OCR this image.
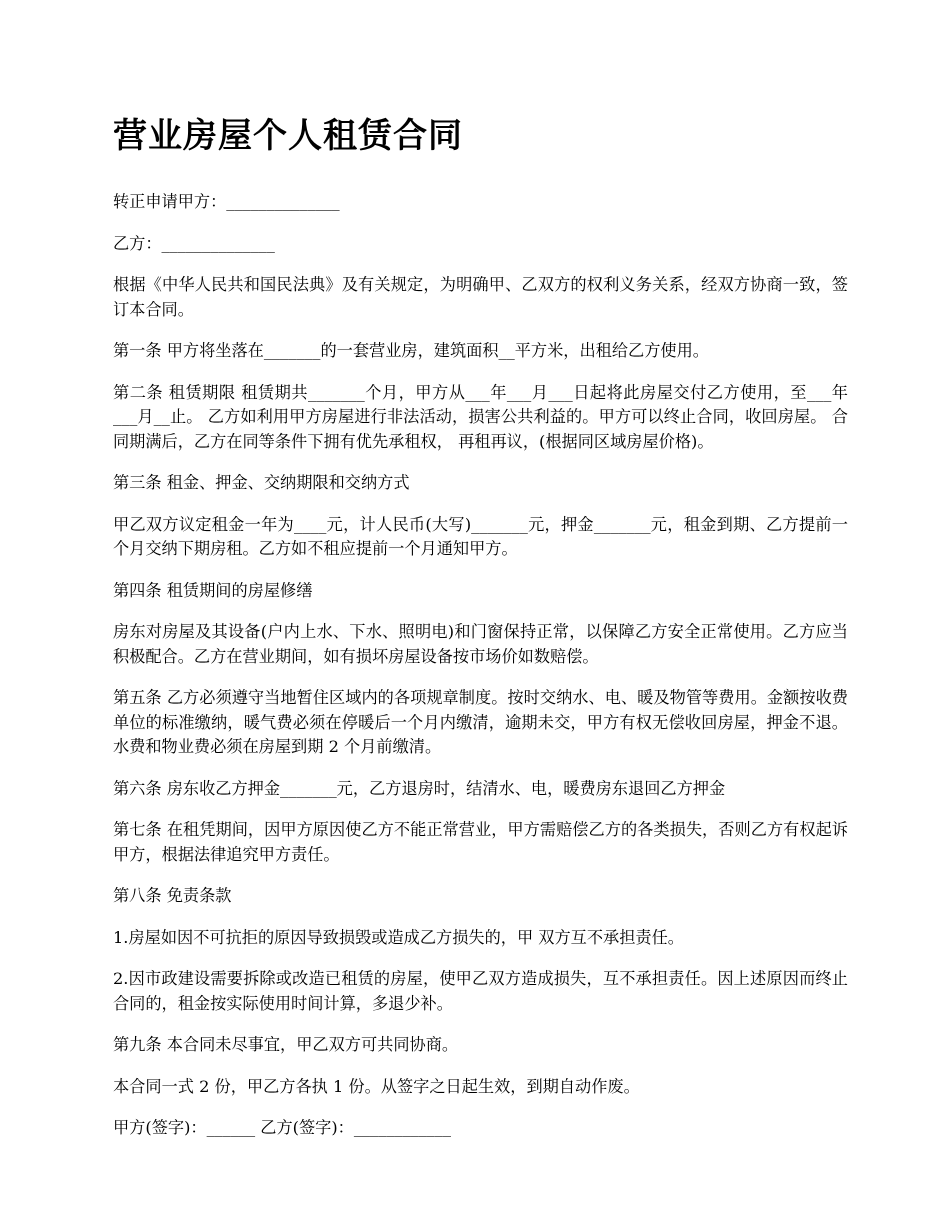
营业房屋个人租赁合同

转正申请甲方：______________

乙方：______________

根据《中华人民共和国民法典》及有关规定，为明确甲、乙双方的权利义务关系，经双方协商一致，签订本合同。

第一条 甲方将坐落在_______的一套营业房，建筑面积__平方米，出租给乙方使用。

第二条 租赁期限 租赁期共_______个月，甲方从___年___月___日起将此房屋交付乙方使用，至___年___月__止。 乙方如利用甲方房屋进行非法活动，损害公共利益的。甲方可以终止合同，收回房屋。 合同期满后，乙方在同等条件下拥有优先承租权， 再租再议，(根据同区域房屋价格)。

第三条 租金、押金、交纳期限和交纳方式

甲乙双方议定租金一年为____元，计人民币(大写)_______元，押金_______元，租金到期、乙方提前一个月交纳下期房租。乙方如不租应提前一个月通知甲方。

第四条 租赁期间的房屋修缮

房东对房屋及其设备(户内上水、下水、照明电)和门窗保持正常，以保障乙方安全正常使用。乙方应当积极配合。乙方在营业期间，如有损坏房屋设备按市场价如数赔偿。

第五条 乙方必须遵守当地暂住区域内的各项规章制度。按时交纳水、电、暖及物管等费用。金额按收费单位的标准缴纳，暖气费必须在停暖后一个月内缴清，逾期未交，甲方有权无偿收回房屋，押金不退。水费和物业费必须在房屋到期 2 个月前缴清。

第六条 房东收乙方押金_______元，乙方退房时，结清水、电，暖费房东退回乙方押金

第七条 在租凭期间，因甲方原因使乙方不能正常营业，甲方需赔偿乙方的各类损失，否则乙方有权起诉甲方，根据法律追究甲方责任。

第八条 免责条款

1.房屋如因不可抗拒的原因导致损毁或造成乙方损失的，甲 双方互不承担责任。

2.因市政建设需要拆除或改造已租赁的房屋，使甲乙双方造成损失，互不承担责任。因上述原因而终止合同的，租金按实际使用时间计算，多退少补。

第九条 本合同未尽事宜，甲乙双方可共同协商。

本合同一式 2 份，甲乙方各执 1 份。从签字之日起生效，到期自动作废。

甲方(签字)：______ 乙方(签字)：____________
